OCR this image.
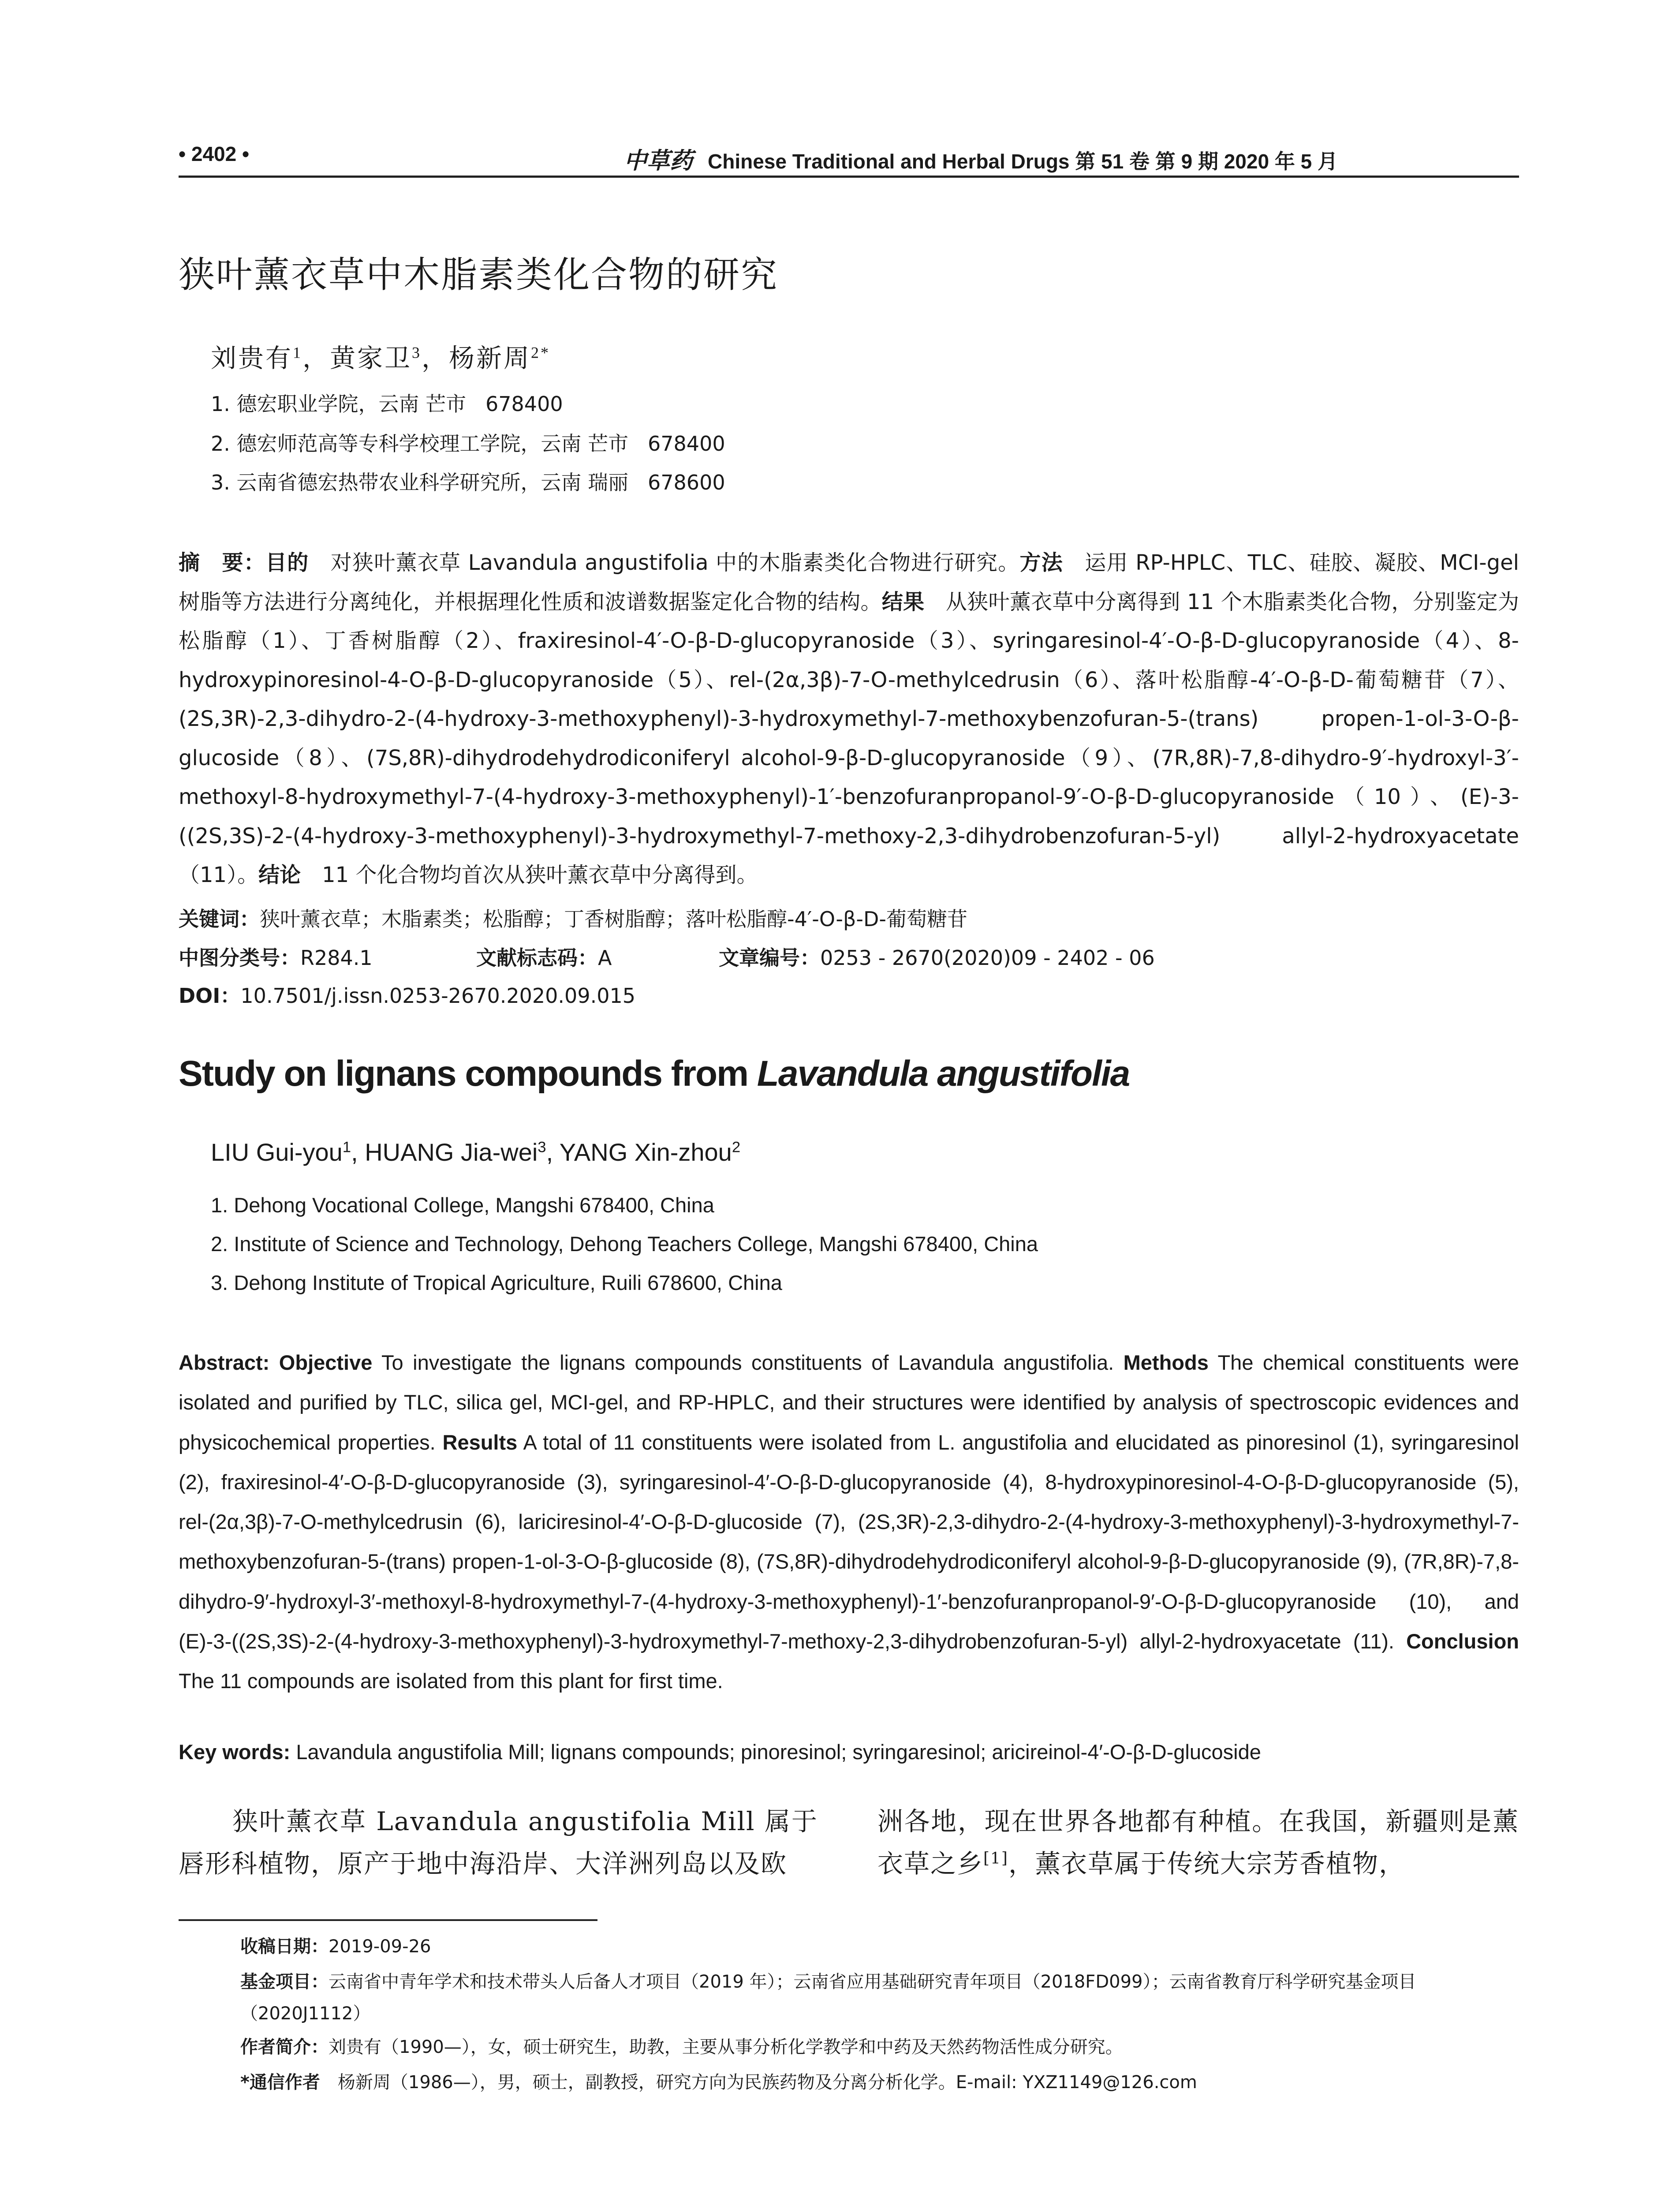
• 2402 •	中草药 Chinese Traditional and Herbal Drugs 第 51 卷 第 9 期 2020 年 5 月
狭叶薰衣草中木脂素类化合物的研究
刘贵有$^1$，黄家卫$^3$，杨新周$^{2*}$
1. 德宏职业学院，云南 芒市   678400
2. 德宏师范高等专科学校理工学院，云南 芒市   678400
3. 云南省德宏热带农业科学研究所，云南 瑞丽   678600
摘　要：目的　对狭叶薰衣草 Lavandula angustifolia 中的木脂素类化合物进行研究。方法　运用 RP-HPLC、TLC、硅胶、凝胶、MCI-gel 树脂等方法进行分离纯化，并根据理化性质和波谱数据鉴定化合物的结构。结果　从狭叶薰衣草中分离得到 11 个木脂素类化合物，分别鉴定为松脂醇（1）、丁香树脂醇（2）、fraxiresinol-4′-O-β-D-glucopyranoside（3）、syringaresinol-4′-O-β-D-glucopyranoside（4）、8-hydroxypinoresinol-4-O-β-D-glucopyranoside（5）、rel-(2α,3β)-7-O-methylcedrusin（6）、落叶松脂醇-4′-O-β-D-葡萄糖苷（7）、(2S,3R)-2,3-dihydro-2-(4-hydroxy-3-methoxyphenyl)-3-hydroxymethyl-7-methoxybenzofuran-5-(trans) propen-1-ol-3-O-β-glucoside（8）、(7S,8R)-dihydrodehydrodiconiferyl alcohol-9-β-D-glucopyranoside（9）、(7R,8R)-7,8-dihydro-9′-hydroxyl-3′-methoxyl-8-hydroxymethyl-7-(4-hydroxy-3-methoxyphenyl)-1′-benzofuranpropanol-9′-O-β-D-glucopyranoside（10）、(E)-3-((2S,3S)-2-(4-hydroxy-3-methoxyphenyl)-3-hydroxymethyl-7-methoxy-2,3-dihydrobenzofuran-5-yl) allyl-2-hydroxyacetate（11）。结论　11 个化合物均首次从狭叶薰衣草中分离得到。
关键词：狭叶薰衣草；木脂素类；松脂醇；丁香树脂醇；落叶松脂醇-4′-O-β-D-葡萄糖苷
中图分类号：R284.1	文献标志码：A	文章编号：0253 - 2670(2020)09 - 2402 - 06
DOI：10.7501/j.issn.0253-2670.2020.09.015
Study on lignans compounds from Lavandula angustifolia
LIU Gui-you$^1$, HUANG Jia-wei$^3$, YANG Xin-zhou$^2$
1. Dehong Vocational College, Mangshi 678400, China
2. Institute of Science and Technology, Dehong Teachers College, Mangshi 678400, China
3. Dehong Institute of Tropical Agriculture, Ruili 678600, China
Abstract: Objective To investigate the lignans compounds constituents of Lavandula angustifolia. Methods The chemical constituents were isolated and purified by TLC, silica gel, MCI-gel, and RP-HPLC, and their structures were identified by analysis of spectroscopic evidences and physicochemical properties. Results A total of 11 constituents were isolated from L. angustifolia and elucidated as pinoresinol (1), syringaresinol (2), fraxiresinol-4′-O-β-D-glucopyranoside (3), syringaresinol-4′-O-β-D-glucopyranoside (4), 8-hydroxypinoresinol-4-O-β-D-glucopyranoside (5), rel-(2α,3β)-7-O-methylcedrusin (6), lariciresinol-4′-O-β-D-glucoside (7), (2S,3R)-2,3-dihydro-2-(4-hydroxy-3-methoxyphenyl)-3-hydroxymethyl-7-methoxybenzofuran-5-(trans) propen-1-ol-3-O-β-glucoside (8), (7S,8R)-dihydrodehydrodiconiferyl alcohol-9-β-D-glucopyranoside (9), (7R,8R)-7,8-dihydro-9′-hydroxyl-3′-methoxyl-8-hydroxymethyl-7-(4-hydroxy-3-methoxyphenyl)-1′-benzofuranpropanol-9′-O-β-D-glucopyranoside (10), and (E)-3-((2S,3S)-2-(4-hydroxy-3-methoxyphenyl)-3-hydroxymethyl-7-methoxy-2,3-dihydrobenzofuran-5-yl) allyl-2-hydroxyacetate (11). Conclusion The 11 compounds are isolated from this plant for first time.
Key words: Lavandula angustifolia Mill; lignans compounds; pinoresinol; syringaresinol; aricireinol-4′-O-β-D-glucoside
　　狭叶薰衣草 Lavandula angustifolia Mill 属于唇形科植物，原产于地中海沿岸、大洋洲列岛以及欧
洲各地，现在世界各地都有种植。在我国，新疆则是薰衣草之乡[1]，薰衣草属于传统大宗芳香植物，
收稿日期：2019-09-26
基金项目：云南省中青年学术和技术带头人后备人才项目（2019 年）；云南省应用基础研究青年项目（2018FD099）；云南省教育厅科学研究基金项目（2020J1112）
作者简介：刘贵有（1990—），女，硕士研究生，助教，主要从事分析化学教学和中药及天然药物活性成分研究。
*通信作者　杨新周（1986—），男，硕士，副教授，研究方向为民族药物及分离分析化学。E-mail: YXZ1149@126.com
